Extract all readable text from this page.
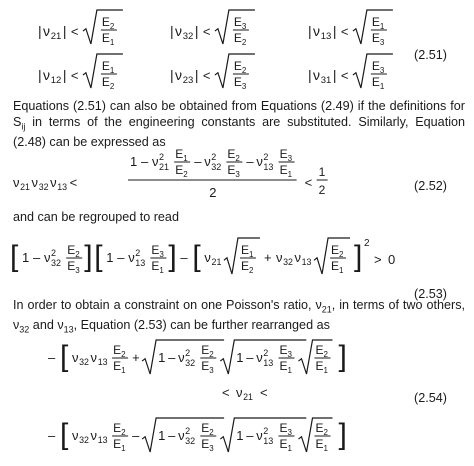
| ν 21 | <
E 2
E 1
| ν 32 | <
E 3
E 2
| ν 13 | <
E 1
E 3
| ν 12 | <
E 1
E 2
| ν 23 | <
E 2
E 3
| ν 31 | <
E 3
E 1
(2.51)

Equations (2.51) can also be obtained from Equations (2.49) if the definitions for $S_{ij}$ in terms of the engineering constants are substituted. Similarly, Equation (2.48) can be expressed as

1 – ν 2
21
E 1
E 2
– ν 2
32
E 2
E 3
– ν 2
13
E 3
E 1
2
ν 21 ν 32 ν 13 <	<
1
2	(2.52)

and can be regrouped to read

[ 1 – ν 2
32
E 2
E 3 ] [ 1 – ν 2
13
E 3
E 1 ] – [ ν 21
E 1
E 2
+ ν 32 ν 13
E 2
E 1 ] 2
> 0
(2.53)

In order to obtain a constraint on one Poisson's ratio, $\nu_{21}$, in terms of two others, $\nu_{32}$ and $\nu_{13}$, Equation (2.53) can be further rearranged as

– [ ν 32 ν 13
E 2
E 1
+ 1 – ν 2
32
E 2
E 3
1 – ν 2
13
E 3
E 1
E 2
E 1 ]
< ν 21 <
– [ ν 32 ν 13
E 2
E 1
– 1 – ν 2
32
E 2
E 3
1 – ν 2
13
E 3
E 1
E 2
E 1 ]
(2.54)
